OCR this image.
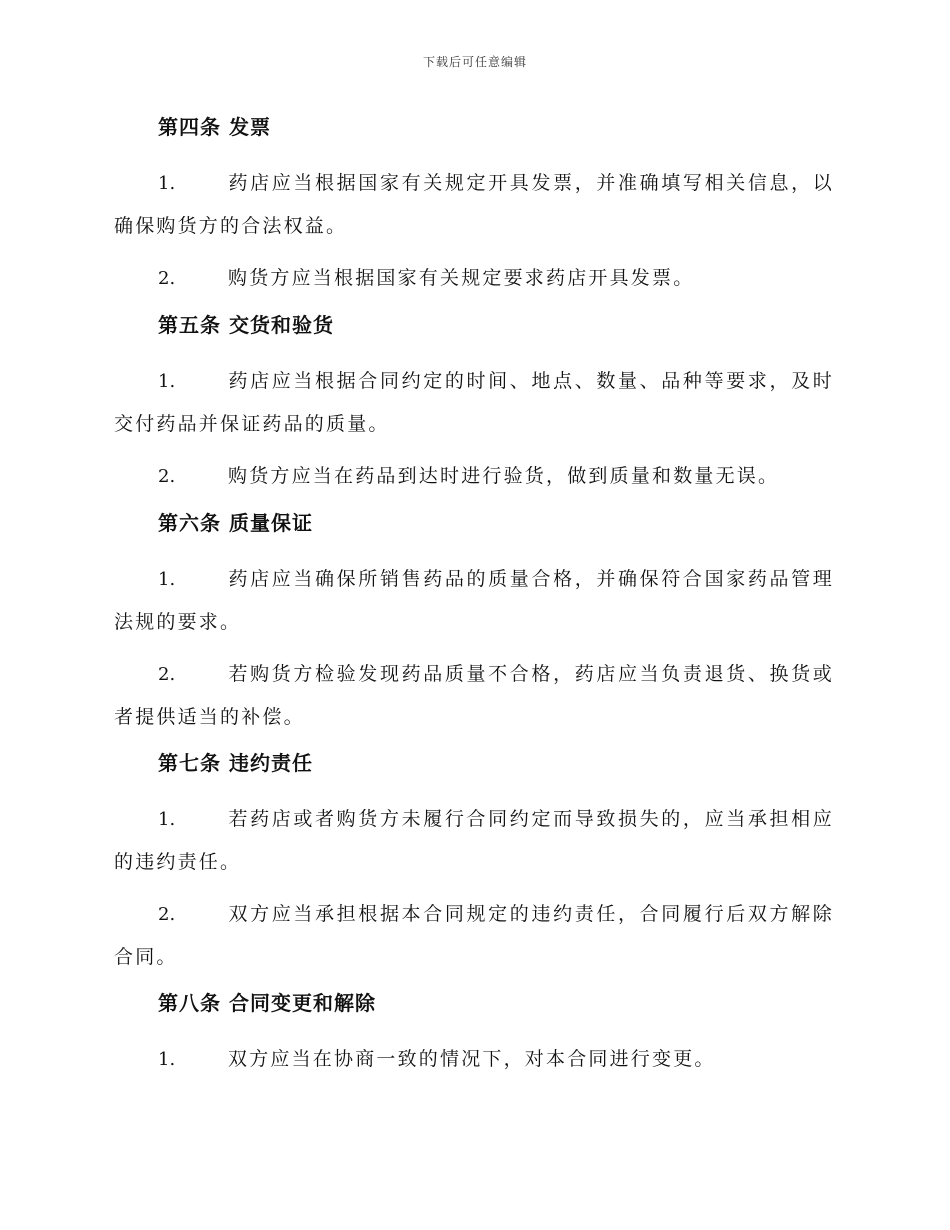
下载后可任意编辑
第四条 发票

1.	药店应当根据国家有关规定开具发票，并准确填写相关信息，以确保购货方的合法权益。

2.	购货方应当根据国家有关规定要求药店开具发票。

第五条 交货和验货

1.	药店应当根据合同约定的时间、地点、数量、品种等要求，及时交付药品并保证药品的质量。

2.	购货方应当在药品到达时进行验货，做到质量和数量无误。

第六条 质量保证

1.	药店应当确保所销售药品的质量合格，并确保符合国家药品管理法规的要求。

2.	若购货方检验发现药品质量不合格，药店应当负责退货、换货或者提供适当的补偿。

第七条 违约责任

1.	若药店或者购货方未履行合同约定而导致损失的，应当承担相应的违约责任。

2.	双方应当承担根据本合同规定的违约责任，合同履行后双方解除合同。

第八条 合同变更和解除

1.	双方应当在协商一致的情况下，对本合同进行变更。
